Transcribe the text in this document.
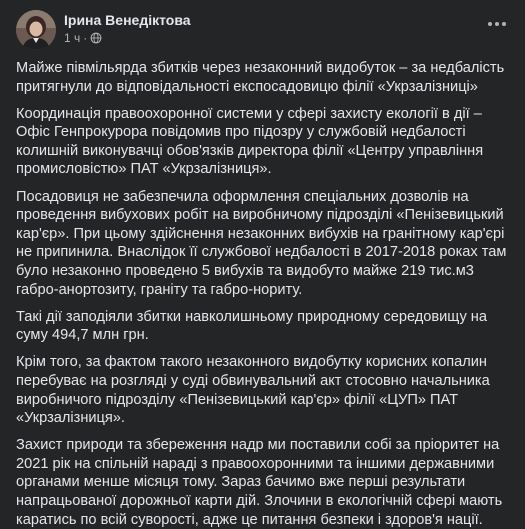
Ірина Венедіктова
1 ч ·

Майже півмільярда збитків через незаконний видобуток – за недбалість притягнули до відповідальності експосадовицю філії «Укрзалізниці»

Координація правоохоронної системи у сфері захисту екології в дії – Офіс Генпрокурора повідомив про підозру у службовій недбалості колишній виконувачці обов'язків директора філії «Центру управління промисловістю» ПАТ «Укрзалізниця».

Посадовиця не забезпечила оформлення спеціальних дозволів на проведення вибухових робіт на виробничому підрозділі «Пенізевицький кар'єр». При цьому здійснення незаконних вибухів на гранітному кар'єрі не припинила. Внаслідок її службової недбалості в 2017-2018 роках там було незаконно проведено 5 вибухів та видобуто майже 219 тис.м3 габро-анортозиту, граніту та габро-нориту.

Такі дії заподіяли збитки навколишньому природному середовищу на суму 494,7 млн грн.

Крім того, за фактом такого незаконного видобутку корисних копалин перебуває на розгляді у суді обвинувальний акт стосовно начальника виробничого підрозділу «Пенізевицький кар'єр» філії «ЦУП» ПАТ «Укрзалізниця».

Захист природи та збереження надр ми поставили собі за пріоритет на 2021 рік на спільній нараді з правоохоронними та іншими державними органами менше місяця тому. Зараз бачимо вже перші результати напрацьованої дорожньої карти дій. Злочини в екологічній сфері мають каратись по всій суворості, адже це питання безпеки і здоров'я нації.
